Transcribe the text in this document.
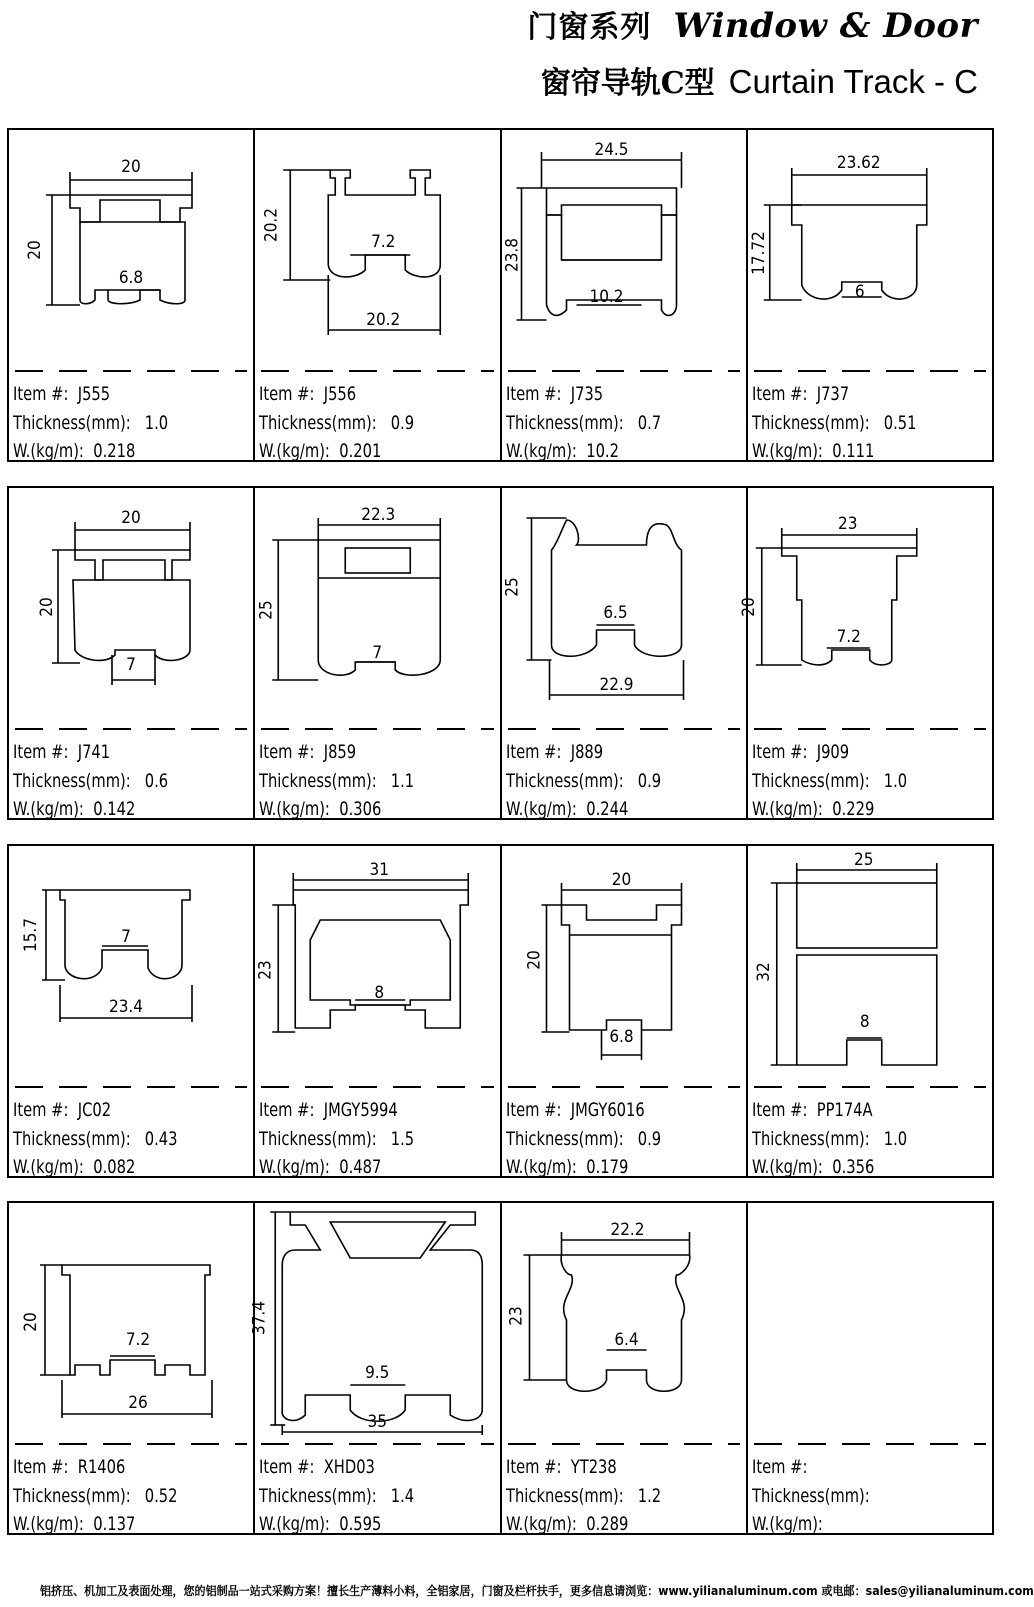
门窗系列 Window & Door
窗帘导轨C型 Curtain Track - C
20
20
6.8
Item #: J555
Thickness(mm): 1.0
W.(kg/m): 0.218
20.2	7.2
20.2
Item #: J556
Thickness(mm): 0.9
W.(kg/m): 0.201
24.5
23.8
10.2
Item #: J735
Thickness(mm): 0.7
W.(kg/m): 10.2
23.62
17.72
6
Item #: J737
Thickness(mm): 0.51
W.(kg/m): 0.111
20
20
7
Item #: J741
Thickness(mm): 0.6
W.(kg/m): 0.142
22.3
25
7
Item #: J859
Thickness(mm): 1.1
W.(kg/m): 0.306
25
6.5
22.9
Item #: J889
Thickness(mm): 0.9
W.(kg/m): 0.244
23
20
7.2
Item #: J909
Thickness(mm): 1.0
W.(kg/m): 0.229
15.7	7
23.4
Item #: JC02
Thickness(mm): 0.43
W.(kg/m): 0.082
31
23
8
Item #: JMGY5994
Thickness(mm): 1.5
W.(kg/m): 0.487
20
20
6.8
Item #: JMGY6016
Thickness(mm): 0.9
W.(kg/m): 0.179
25
32
8
Item #: PP174A
Thickness(mm): 1.0
W.(kg/m): 0.356
20
7.2
26
Item #: R1406
Thickness(mm): 0.52
W.(kg/m): 0.137
37.4
9.5
35
Item #: XHD03
Thickness(mm): 1.4
W.(kg/m): 0.595
22.2
23
6.4
Item #: YT238
Thickness(mm): 1.2
W.(kg/m): 0.289
Item #:
Thickness(mm):
W.(kg/m):
铝挤压、机加工及表面处理，您的铝制品一站式采购方案！擅长生产薄料小料，全铝家居，门窗及栏杆扶手，更多信息请浏览：www.yilianaluminum.com 或电邮：sales@yilianaluminum.com
